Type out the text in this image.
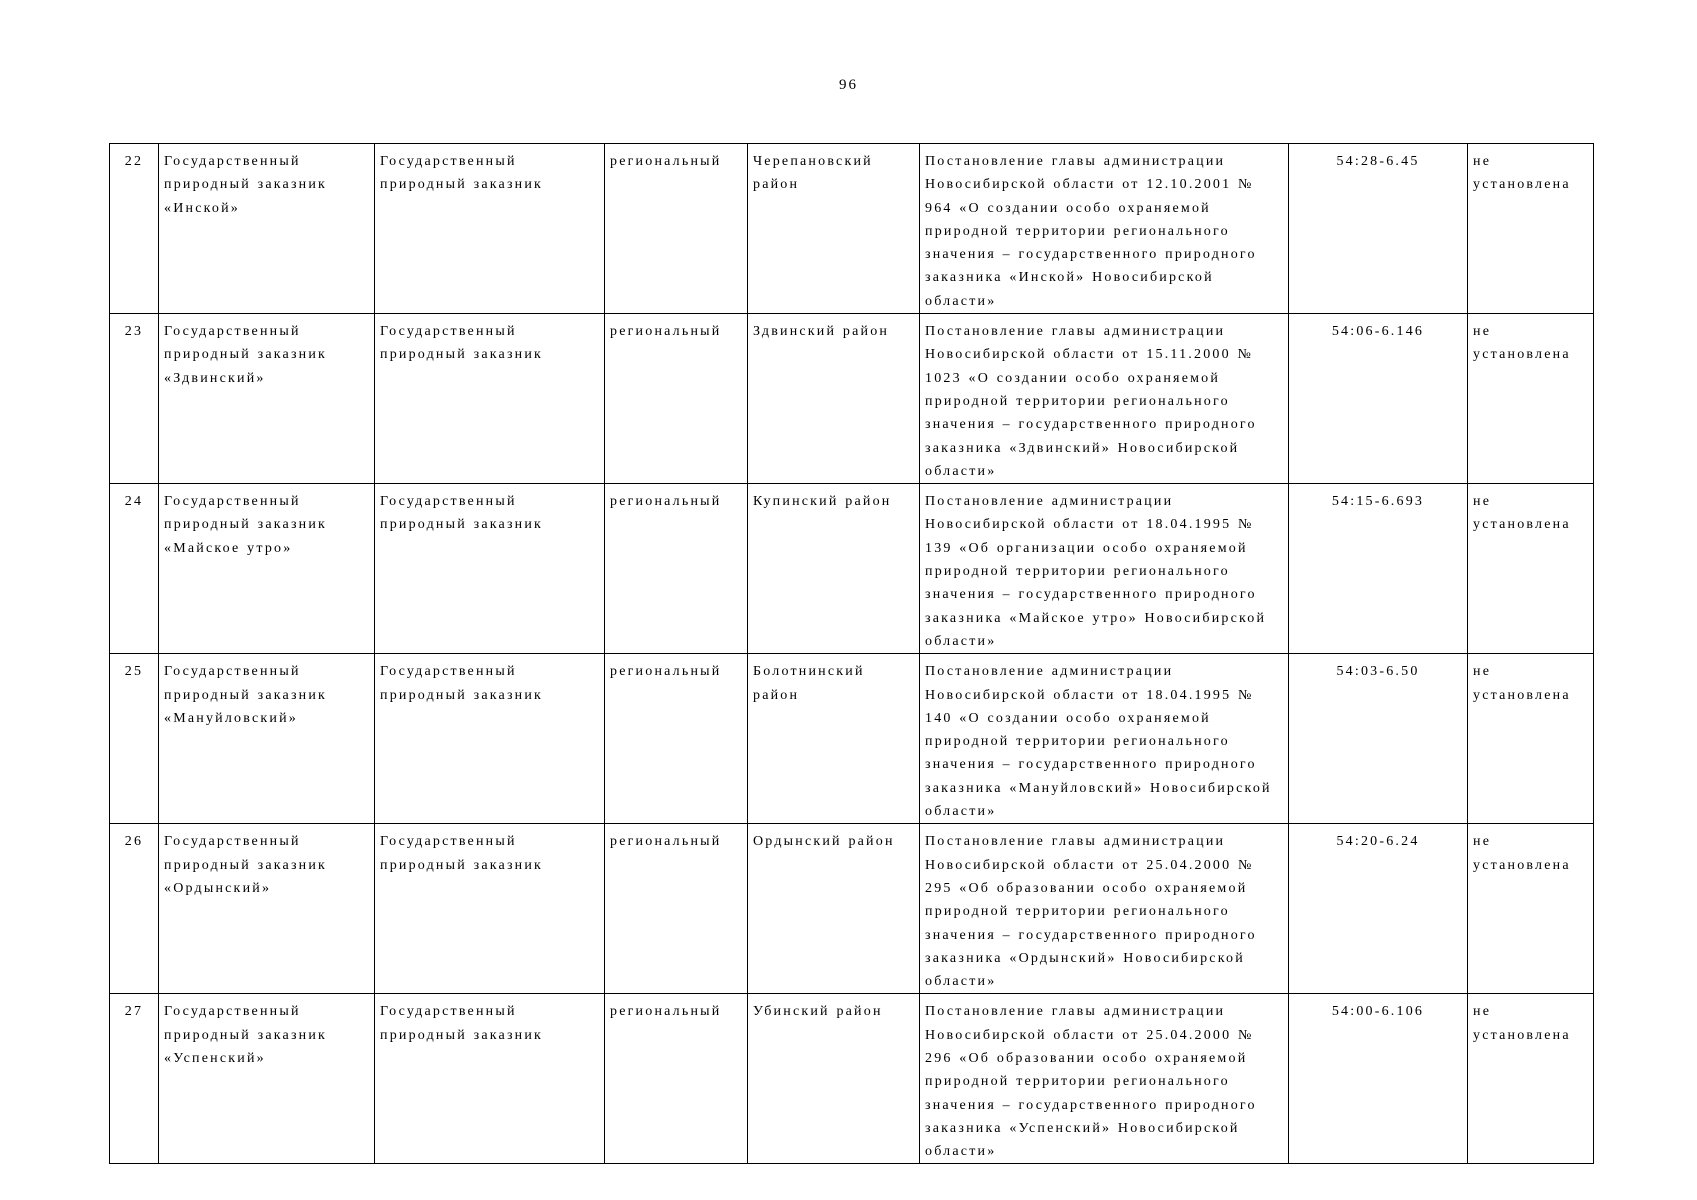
96
22	Государственный природный заказник «Инской»	Государственный природный заказник	региональный	Черепановский район	Постановление главы администрации Новосибирской области от 12.10.2001 № 964 «О создании особо охраняемой природной территории регионального значения – государственного природного заказника «Инской» Новосибирской области»	54:28-6.45	не установлена
23	Государственный природный заказник «Здвинский»	Государственный природный заказник	региональный	Здвинский район	Постановление главы администрации Новосибирской области от 15.11.2000 № 1023 «О создании особо охраняемой природной территории регионального значения – государственного природного заказника «Здвинский» Новосибирской области»	54:06-6.146	не установлена
24	Государственный природный заказник «Майское утро»	Государственный природный заказник	региональный	Купинский район	Постановление администрации Новосибирской области от 18.04.1995 № 139 «Об организации особо охраняемой природной территории регионального значения – государственного природного заказника «Майское утро» Новосибирской области»	54:15-6.693	не установлена
25	Государственный природный заказник «Мануйловский»	Государственный природный заказник	региональный	Болотнинский район	Постановление администрации Новосибирской области от 18.04.1995 № 140 «О создании особо охраняемой природной территории регионального значения – государственного природного заказника «Мануйловский» Новосибирской области»	54:03-6.50	не установлена
26	Государственный природный заказник «Ордынский»	Государственный природный заказник	региональный	Ордынский район	Постановление главы администрации Новосибирской области от 25.04.2000 № 295 «Об образовании особо охраняемой природной территории регионального значения – государственного природного заказника «Ордынский» Новосибирской области»	54:20-6.24	не установлена
27	Государственный природный заказник «Успенский»	Государственный природный заказник	региональный	Убинский район	Постановление главы администрации Новосибирской области от 25.04.2000 № 296 «Об образовании особо охраняемой природной территории регионального значения – государственного природного заказника «Успенский» Новосибирской области»	54:00-6.106	не установлена
